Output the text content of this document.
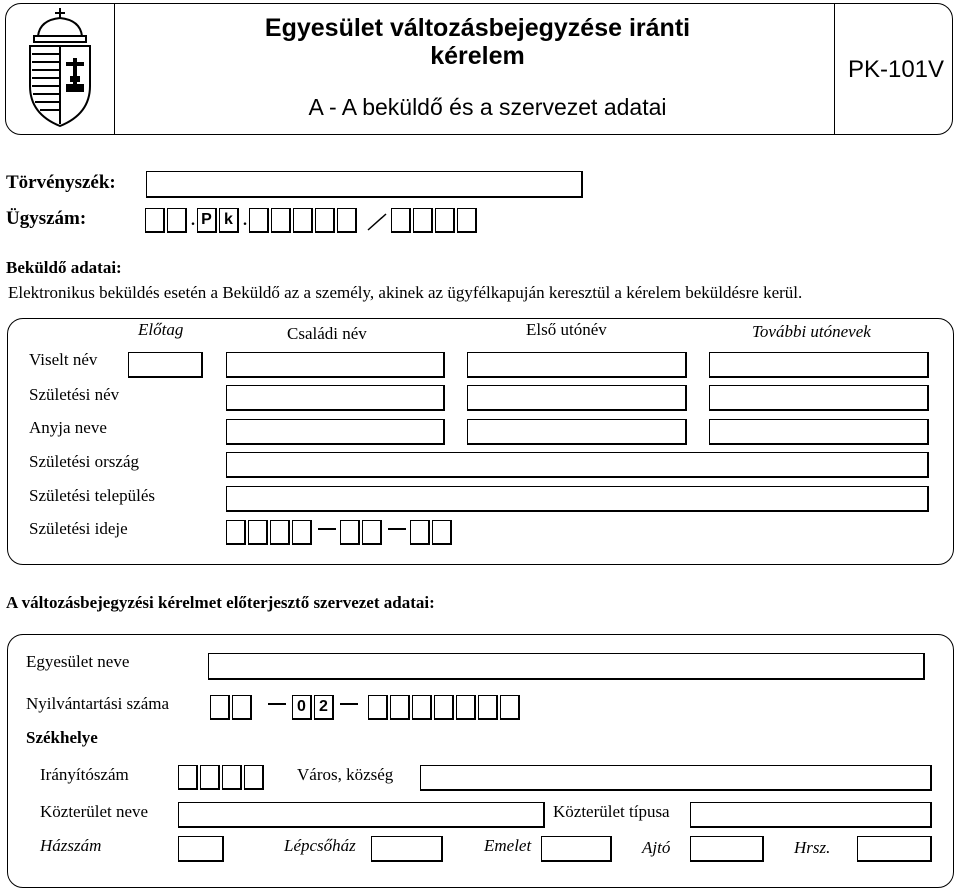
Egyesület változásbejegyzése iránti kérelem
A - A beküldő és a szervezet adatai
PK-101V
Törvényszék:
Ügyszám:	. P k .
Beküldő adatai:
Elektronikus beküldés esetén a Beküldő az a személy, akinek az ügyfélkapuján keresztül a kérelem beküldésre kerül.
Előtag	Családi név	Első utónév	További utónevek
Viselt név
Születési név
Anyja neve
Születési ország
Születési település
Születési ideje
A változásbejegyzési kérelmet előterjesztő szervezet adatai:
Egyesület neve
Nyilvántartási száma	0 2
Székhelye
Irányítószám	Város, község
Közterület neve	Közterület típusa
Házszám	Lépcsőház	Emelet	Ajtó	Hrsz.
